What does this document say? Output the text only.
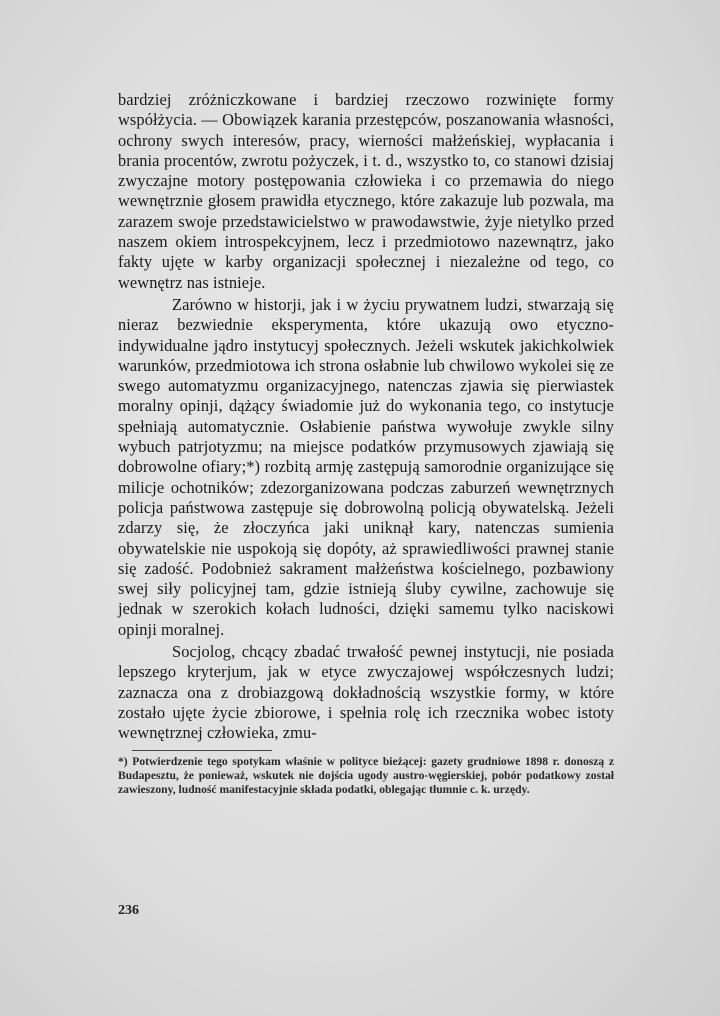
bardziej zróżniczkowane i bardziej rzeczowo rozwinięte formy współżycia. — Obowiązek karania przestępców, poszanowania własności, ochrony swych interesów, pracy, wierności małżeńskiej, wypłacania i brania procentów, zwrotu pożyczek, i t. d., wszystko to, co stanowi dzisiaj zwyczajne motory postępowania człowieka i co przemawia do niego wewnętrznie głosem prawidła etycznego, które zakazuje lub pozwala, ma zarazem swoje przedstawicielstwo w prawodawstwie, żyje nietylko przed naszem okiem introspekcyjnem, lecz i przedmiotowo nazewnątrz, jako fakty ujęte w karby organizacji społecznej i niezależne od tego, co wewnętrz nas istnieje.

Zarówno w historji, jak i w życiu prywatnem ludzi, stwarzają się nieraz bezwiednie eksperymenta, które ukazują owo etyczno-indywidualne jądro instytucyj społecznych. Jeżeli wskutek jakichkolwiek warunków, przedmiotowa ich strona osłabnie lub chwilowo wykolei się ze swego automatyzmu organizacyjnego, natenczas zjawia się pierwiastek moralny opinji, dążący świadomie już do wykonania tego, co instytucje spełniają automatycznie. Osłabienie państwa wywołuje zwykle silny wybuch patrjotyzmu; na miejsce podatków przymusowych zjawiają się dobrowolne ofiary;*) rozbitą armję zastępują samorodnie organizujące się milicje ochotników; zdezorganizowana podczas zaburzeń wewnętrznych policja państwowa zastępuje się dobrowolną policją obywatelską. Jeżeli zdarzy się, że złoczyńca jaki uniknął kary, natenczas sumienia obywatelskie nie uspokoją się dopóty, aż sprawiedliwości prawnej stanie się zadość. Podobnież sakrament małżeństwa kościelnego, pozbawiony swej siły policyjnej tam, gdzie istnieją śluby cywilne, zachowuje się jednak w szerokich kołach ludności, dzięki samemu tylko naciskowi opinji moralnej.

Socjolog, chcący zbadać trwałość pewnej instytucji, nie posiada lepszego kryterjum, jak w etyce zwyczajowej współczesnych ludzi; zaznacza ona z drobiazgową dokładnością wszystkie formy, w które zostało ujęte życie zbiorowe, i spełnia rolę ich rzecznika wobec istoty wewnętrznej człowieka, zmu-

*) Potwierdzenie tego spotykam właśnie w polityce bieżącej: gazety grudniowe 1898 r. donoszą z Budapesztu, że ponieważ, wskutek nie dojścia ugody austro-węgierskiej, pobór podatkowy został zawieszony, ludność manifestacyjnie składa podatki, oblegając tłumnie c. k. urzędy.

236
